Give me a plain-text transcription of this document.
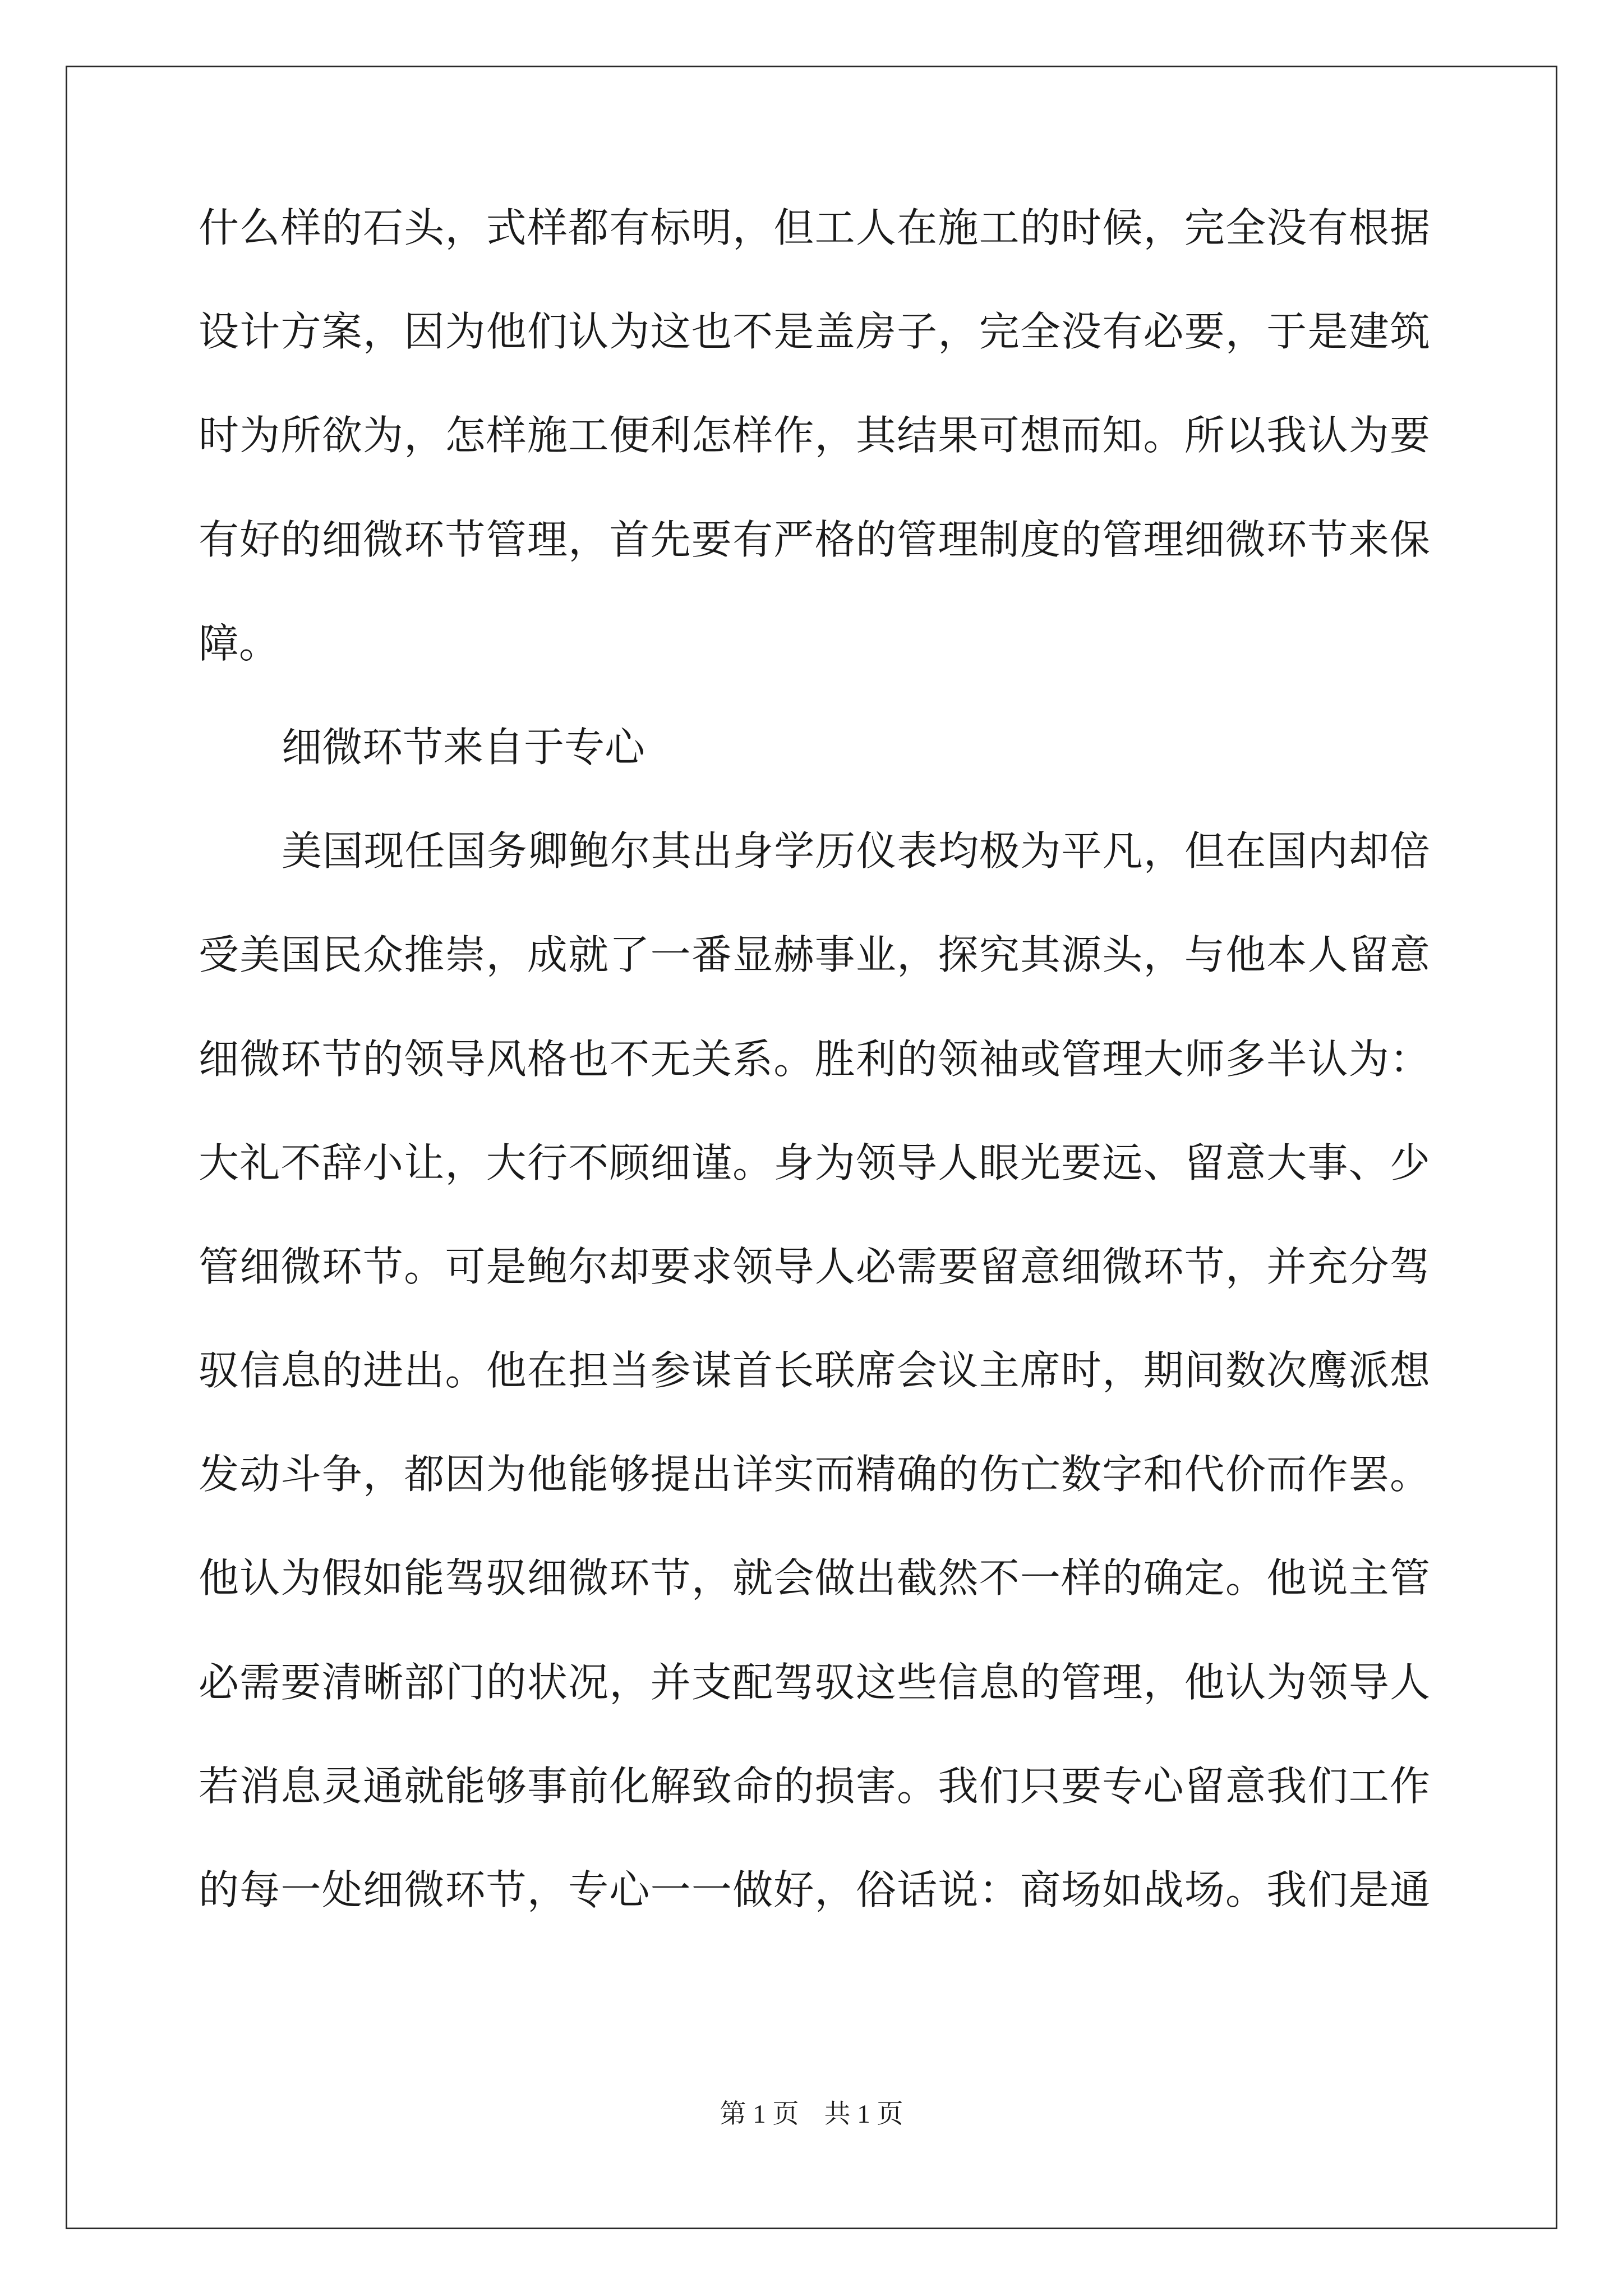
什么样的石头，式样都有标明，但工人在施工的时候，完全没有根据
设计方案，因为他们认为这也不是盖房子，完全没有必要，于是建筑
时为所欲为，怎样施工便利怎样作，其结果可想而知。所以我认为要
有好的细微环节管理，首先要有严格的管理制度的管理细微环节来保
障。
细微环节来自于专心
美国现任国务卿鲍尔其出身学历仪表均极为平凡，但在国内却倍
受美国民众推崇，成就了一番显赫事业，探究其源头，与他本人留意
细微环节的领导风格也不无关系。胜利的领袖或管理大师多半认为：
大礼不辞小让，大行不顾细谨。身为领导人眼光要远、留意大事、少
管细微环节。可是鲍尔却要求领导人必需要留意细微环节，并充分驾
驭信息的进出。他在担当参谋首长联席会议主席时，期间数次鹰派想
发动斗争，都因为他能够提出详实而精确的伤亡数字和代价而作罢。
他认为假如能驾驭细微环节，就会做出截然不一样的确定。他说主管
必需要清晰部门的状况，并支配驾驭这些信息的管理，他认为领导人
若消息灵通就能够事前化解致命的损害。我们只要专心留意我们工作
的每一处细微环节，专心一一做好，俗话说：商场如战场。我们是通
第 1 页 共 1 页
